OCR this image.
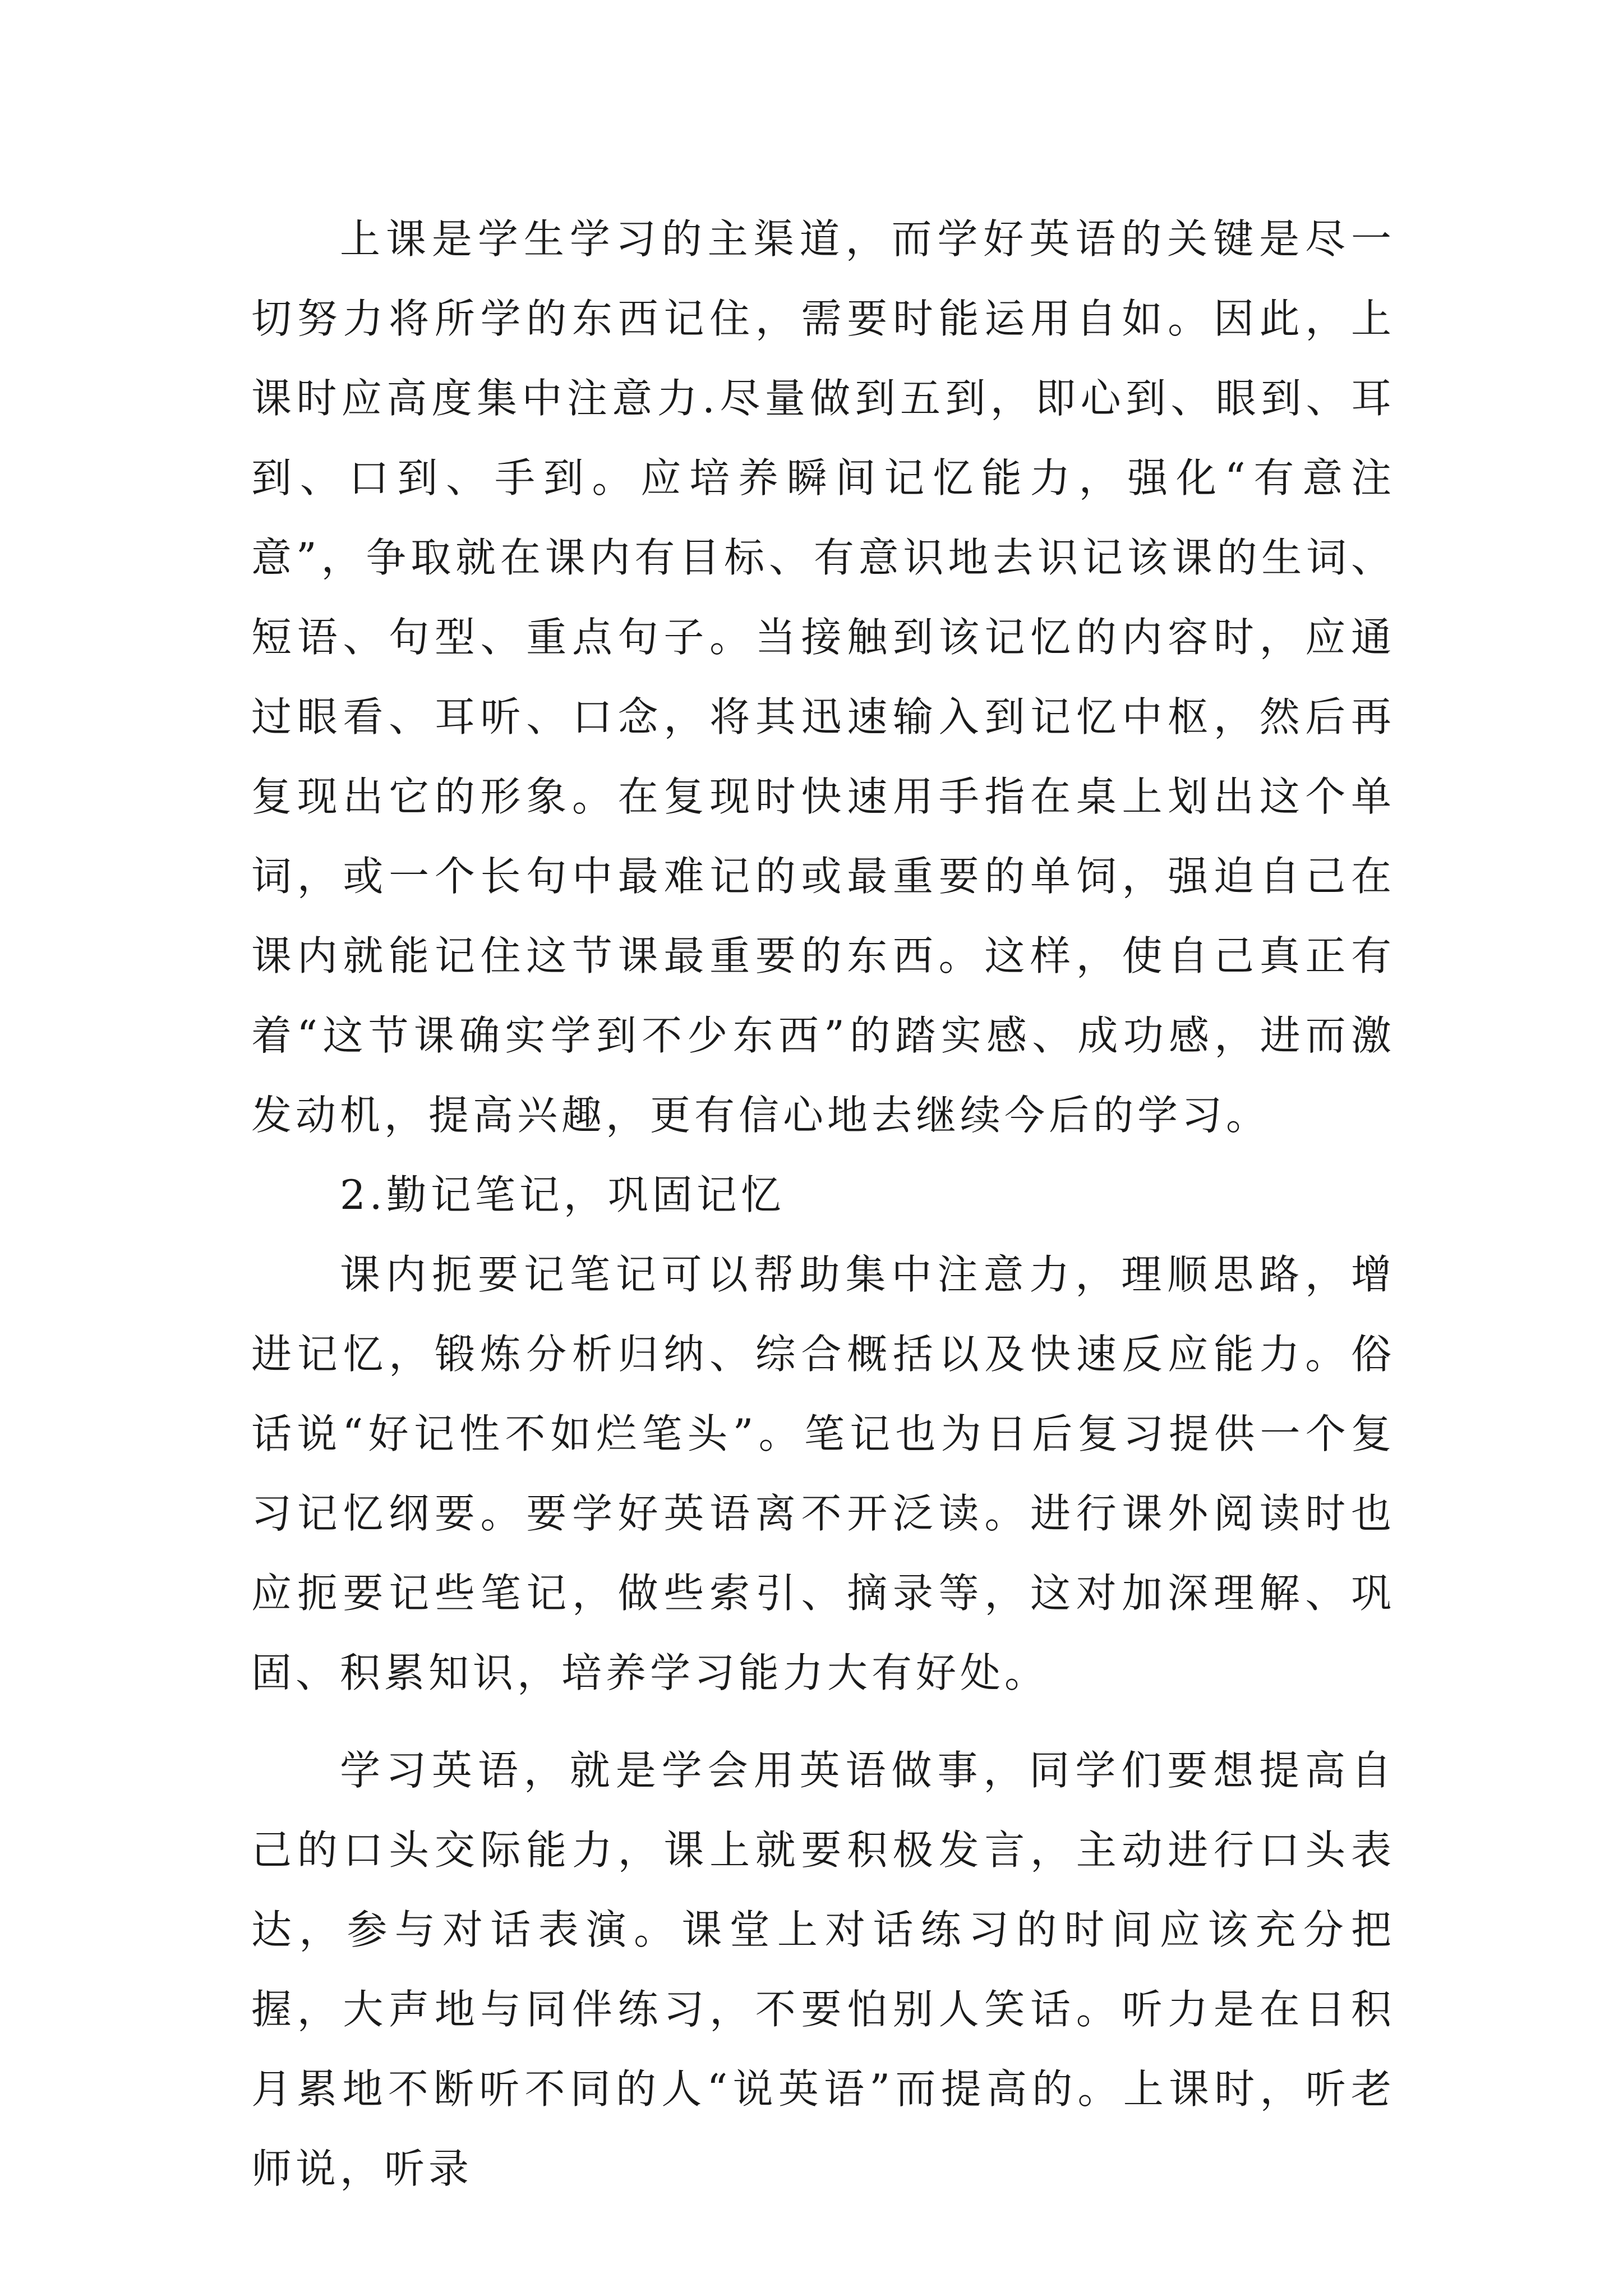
上课是学生学习的主渠道，而学好英语的关键是尽一切努力将所学的东西记住，需要时能运用自如。因此，上课时应高度集中注意力.尽量做到五到，即心到、眼到、耳到、口到、手到。应培养瞬间记忆能力，强化“有意注意”，争取就在课内有目标、有意识地去识记该课的生词、短语、句型、重点句子。当接触到该记忆的内容时，应通过眼看、耳听、口念，将其迅速输入到记忆中枢，然后再复现出它的形象。在复现时快速用手指在桌上划出这个单词，或一个长句中最难记的或最重要的单饲，强迫自己在课内就能记住这节课最重要的东西。这样，使自己真正有着“这节课确实学到不少东西”的踏实感、成功感，进而激发动机，提高兴趣，更有信心地去继续今后的学习。

2.勤记笔记，巩固记忆

课内扼要记笔记可以帮助集中注意力，理顺思路，增进记忆，锻炼分析归纳、综合概括以及快速反应能力。俗话说“好记性不如烂笔头”。笔记也为日后复习提供一个复习记忆纲要。要学好英语离不开泛读。进行课外阅读时也应扼要记些笔记，做些索引、摘录等，这对加深理解、巩固、积累知识，培养学习能力大有好处。

学习英语，就是学会用英语做事，同学们要想提高自己的口头交际能力，课上就要积极发言，主动进行口头表达，参与对话表演。课堂上对话练习的时间应该充分把握，大声地与同伴练习，不要怕别人笑话。听力是在日积月累地不断听不同的人“说英语”而提高的。上课时，听老师说，听录
